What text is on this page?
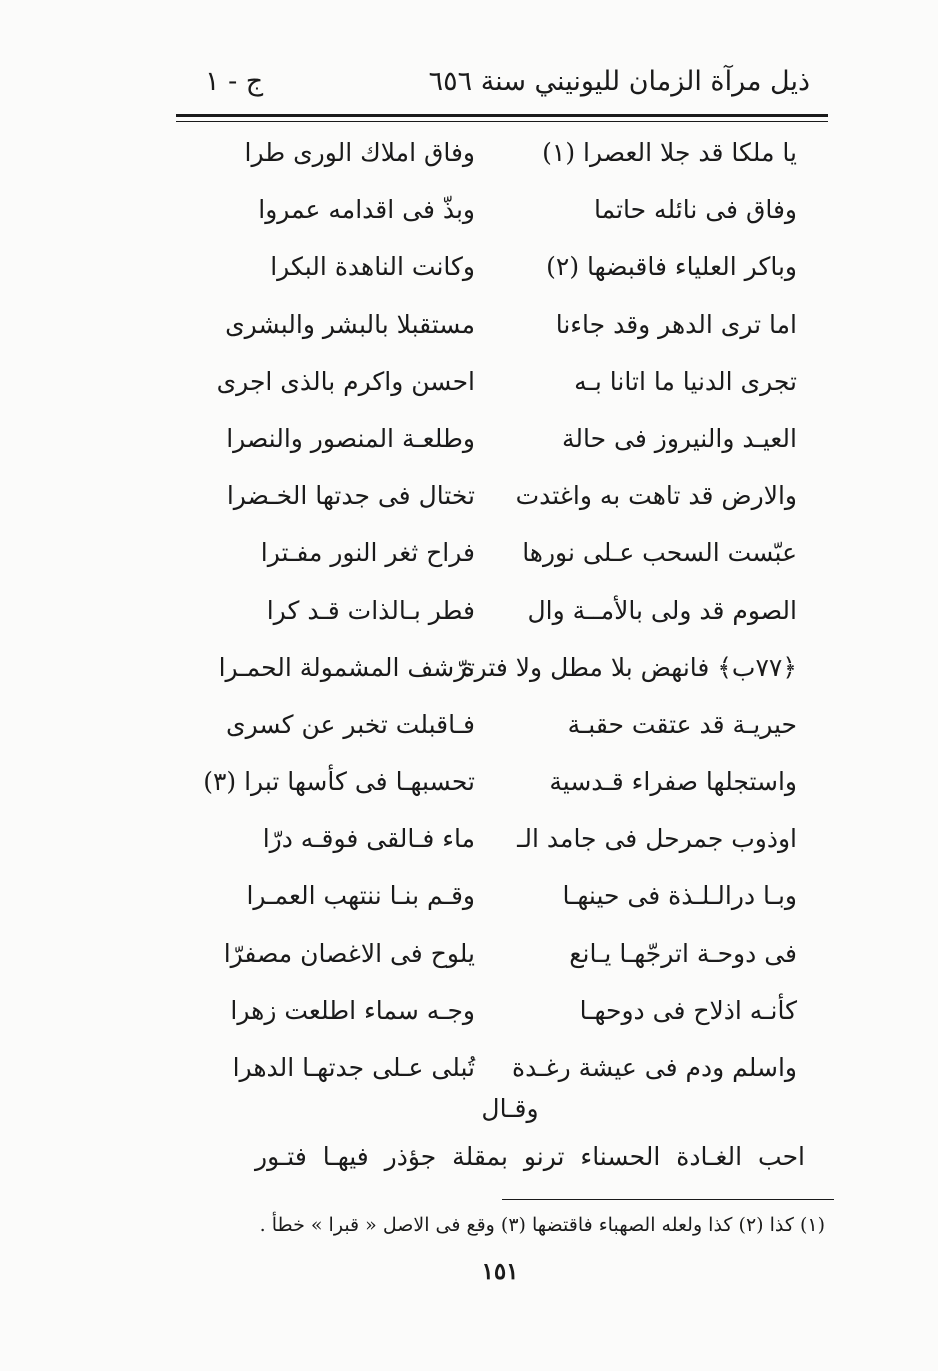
ذيل مرآة الزمان لليونيني سنة ٦٥٦
ج - ١
يا ملكا قد جلا العصرا (١)
وفاق املاك الورى طرا
وفاق فى نائله حاتما
وبذّ فى اقدامه عمروا
وباكر العلياء فاقبضها (٢)
وكانت الناهدة البكرا
اما ترى الدهر وقد جاءنا
مستقبلا بالبشر والبشرى
تجرى الدنيا ما اتانا بـه
احسن واكرم بالذى اجرى
العيـد والنيروز فى حالة
وطلعـة المنصور والنصرا
والارض قد تاهت به واغتدت
تختال فى جدتها الخـضرا
عبّست السحب عـلى نورها
فراح ثغر النور مفـترا
الصوم قد ولى بالأمــة وال
فطر بـالذات قـد كرا
﴿٧٧ب﴾ فانهض بلا مطل ولا فترة
ترّشف المشمولة الحمـرا
حيريـة قد عتقت حقبـة
فـاقبلت تخبر عن كسرى
واستجلها صفراء قـدسية
تحسبهـا فى كأسها تبرا (٣)
اوذوب جمرحل فى جامد الـ
ماء فـالقى فوقـه درّا
وبـا درالـلـذة فى حينهـا
وقـم بنـا ننتهب العمـرا
فى دوحـة اترجّهـا يـانع
يلوح فى الاغصان مصفرّا
كأنـه اذلاح فى دوحهـا
وجـه سماء اطلعت زهرا
واسلم ودم فى عيشة رغـدة
تُبلى عـلى جدتهـا الدهرا
وقـال
احب الغـادة الحسناء ترنو بمقلة جؤذر فيهـا فتـور
(١) كذا (٢) كذا ولعله الصهباء فاقتضها (٣) وقع فى الاصل « قبرا » خطأ .
١٥١
